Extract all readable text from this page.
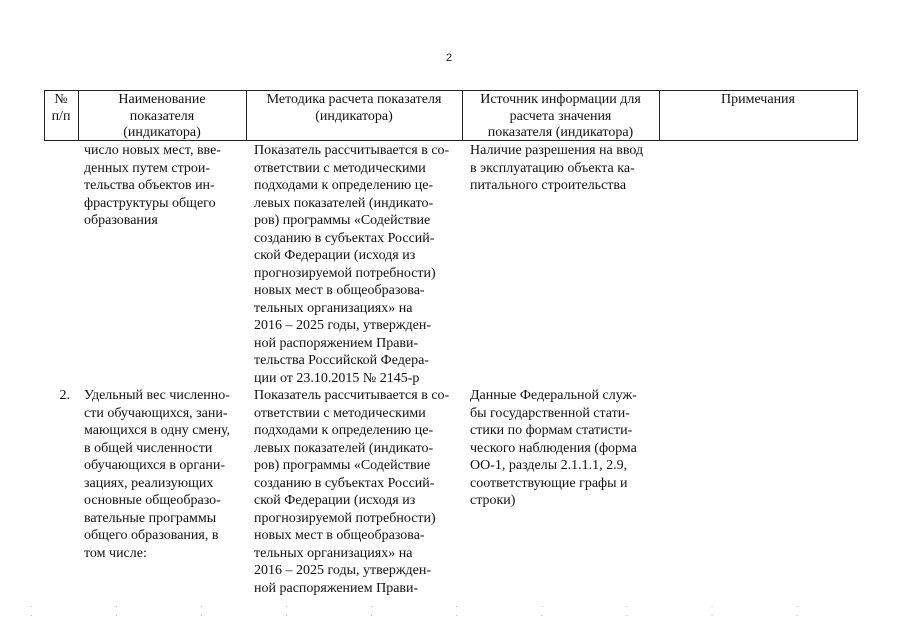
2
№
п/п
Наименование
показателя
(индикатора)
Методика расчета показателя
(индикатора)
Источник информации для
расчета значения
показателя (индикатора)
Примечания
число новых мест, вве-
денных путем строи-
тельства объектов ин-
фраструктуры общего
образования
Показатель рассчитывается в со-
ответствии с методическими
подходами к определению це-
левых показателей (индикато-
ров) программы «Содействие
созданию в субъектах Россий-
ской Федерации (исходя из
прогнозируемой потребности)
новых мест в общеобразова-
тельных организациях» на
2016 – 2025 годы, утвержден-
ной распоряжением Прави-
тельства Российской Федера-
ции от 23.10.2015 № 2145-р
Наличие разрешения на ввод
в эксплуатацию объекта ка-
питального строительства
2. Удельный вес численно-
сти обучающихся, зани-
мающихся в одну смену,
в общей численности
обучающихся в органи-
зациях, реализующих
основные общеобразо-
вательные программы
общего образования, в
том числе:
Показатель рассчитывается в со-
ответствии с методическими
подходами к определению це-
левых показателей (индикато-
ров) программы «Содействие
созданию в субъектах Россий-
ской Федерации (исходя из
прогнозируемой потребности)
новых мест в общеобразова-
тельных организациях» на
2016 – 2025 годы, утвержден-
ной распоряжением Прави-
Данные Федеральной служ-
бы государственной стати-
стики по формам статисти-
ческого наблюдения (форма
ОО-1, разделы 2.1.1.1, 2.9,
соответствующие графы и
строки)
. . . . . . . . . . . . . . . . . . . .
